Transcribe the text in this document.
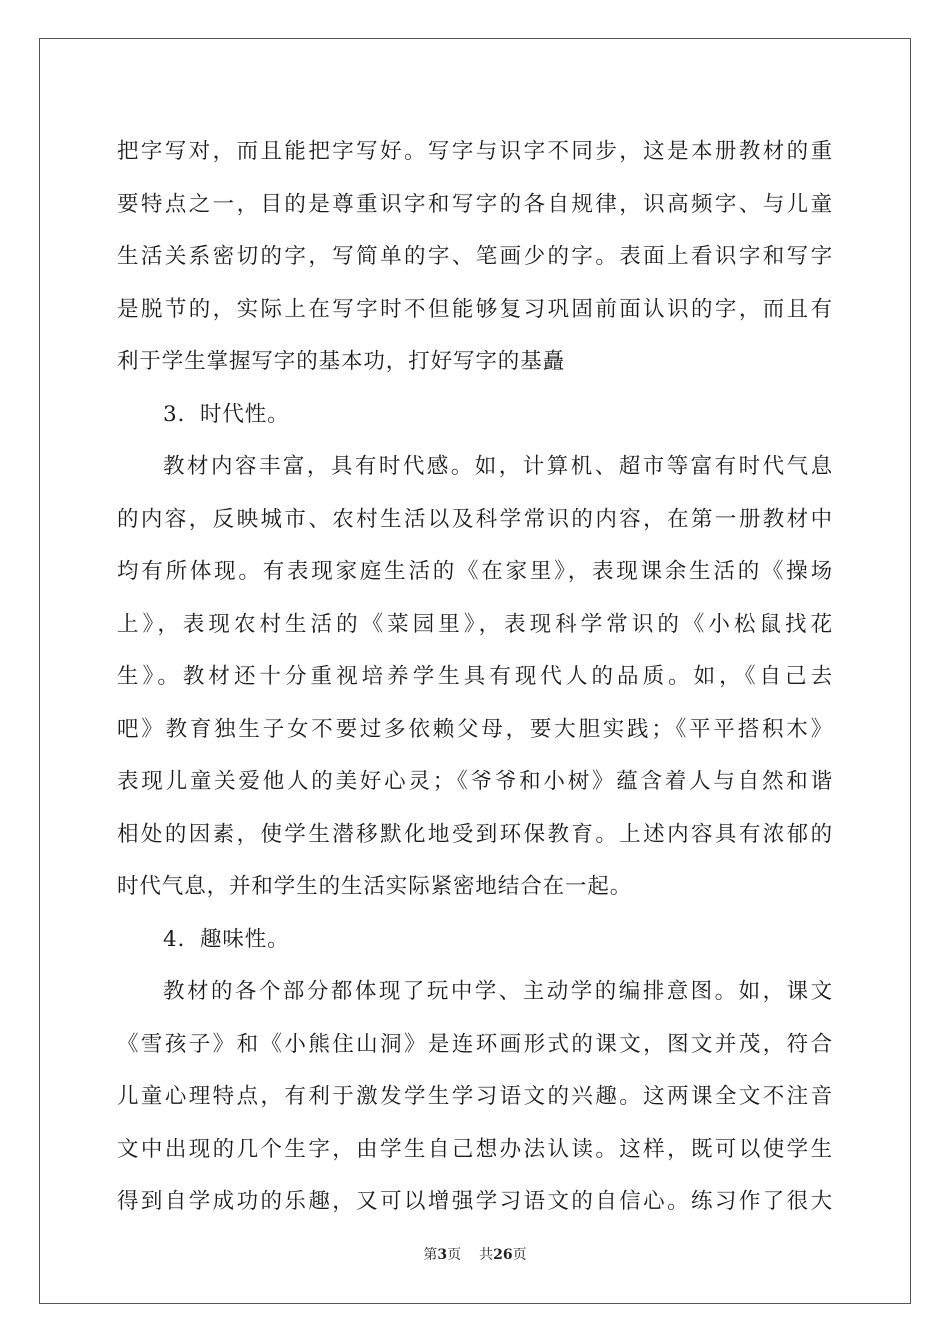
把字写对，而且能把字写好。写字与识字不同步，这是本册教材的重
要特点之一，目的是尊重识字和写字的各自规律，识高频字、与儿童
生活关系密切的字，写简单的字、笔画少的字。表面上看识字和写字
是脱节的，实际上在写字时不但能够复习巩固前面认识的字，而且有
利于学生掌握写字的基本功，打好写字的基矗
3．时代性。
教材内容丰富，具有时代感。如，计算机、超市等富有时代气息
的内容，反映城市、农村生活以及科学常识的内容，在第一册教材中
均有所体现。有表现家庭生活的《在家里》，表现课余生活的《操场
上》，表现农村生活的《菜园里》，表现科学常识的《小松鼠找花
生》。教材还十分重视培养学生具有现代人的品质。如，《自己去
吧》教育独生子女不要过多依赖父母，要大胆实践；《平平搭积木》
表现儿童关爱他人的美好心灵；《爷爷和小树》蕴含着人与自然和谐
相处的因素，使学生潜移默化地受到环保教育。上述内容具有浓郁的
时代气息，并和学生的生活实际紧密地结合在一起。
4．趣味性。
教材的各个部分都体现了玩中学、主动学的编排意图。如，课文
《雪孩子》和《小熊住山洞》是连环画形式的课文，图文并茂，符合
儿童心理特点，有利于激发学生学习语文的兴趣。这两课全文不注音
文中出现的几个生字，由学生自己想办法认读。这样，既可以使学生
得到自学成功的乐趣，又可以增强学习语文的自信心。练习作了很大
第3页 共26页
